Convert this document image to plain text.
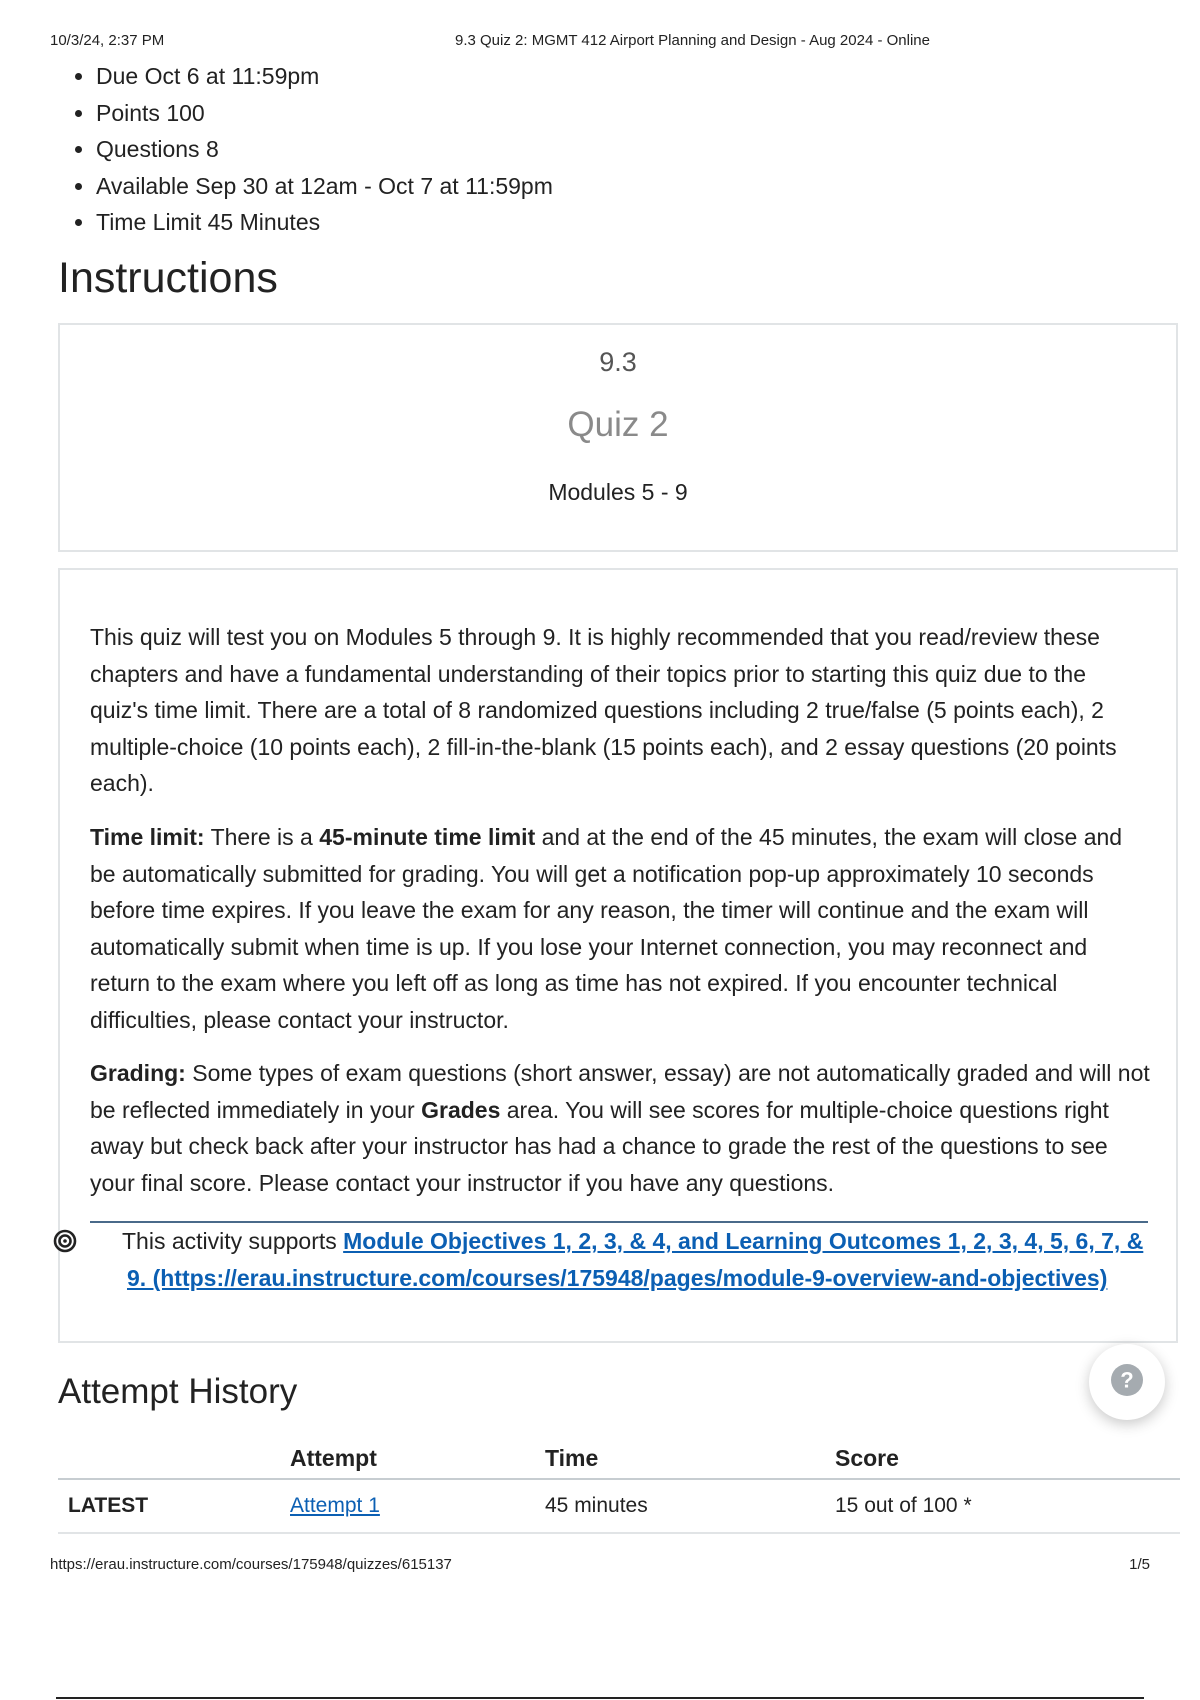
10/3/24, 2:37 PM	9.3 Quiz 2: MGMT 412 Airport Planning and Design - Aug 2024 - Online
• Due Oct 6 at 11:59pm
• Points 100
• Questions 8
• Available Sep 30 at 12am - Oct 7 at 11:59pm
• Time Limit 45 Minutes
Instructions
9.3
Quiz 2
Modules 5 - 9

This quiz will test you on Modules 5 through 9. It is highly recommended that you read/review these chapters and have a fundamental understanding of their topics prior to starting this quiz due to the quiz's time limit. There are a total of 8 randomized questions including 2 true/false (5 points each), 2 multiple-choice (10 points each), 2 fill-in-the-blank (15 points each), and 2 essay questions (20 points each).

Time limit: There is a 45-minute time limit and at the end of the 45 minutes, the exam will close and be automatically submitted for grading. You will get a notification pop-up approximately 10 seconds before time expires. If you leave the exam for any reason, the timer will continue and the exam will automatically submit when time is up. If you lose your Internet connection, you may reconnect and return to the exam where you left off as long as time has not expired. If you encounter technical difficulties, please contact your instructor.

Grading: Some types of exam questions (short answer, essay) are not automatically graded and will not be reflected immediately in your Grades area. You will see scores for multiple-choice questions right away but check back after your instructor has had a chance to grade the rest of the questions to see your final score. Please contact your instructor if you have any questions.

This activity supports Module Objectives 1, 2, 3, & 4, and Learning Outcomes 1, 2, 3, 4, 5, 6, 7, & 9. (https://erau.instructure.com/courses/175948/pages/module-9-overview-and-objectives)
Attempt History	?
	Attempt	Time	Score
LATEST	Attempt 1	45 minutes	15 out of 100 *
https://erau.instructure.com/courses/175948/quizzes/615137	1/5
